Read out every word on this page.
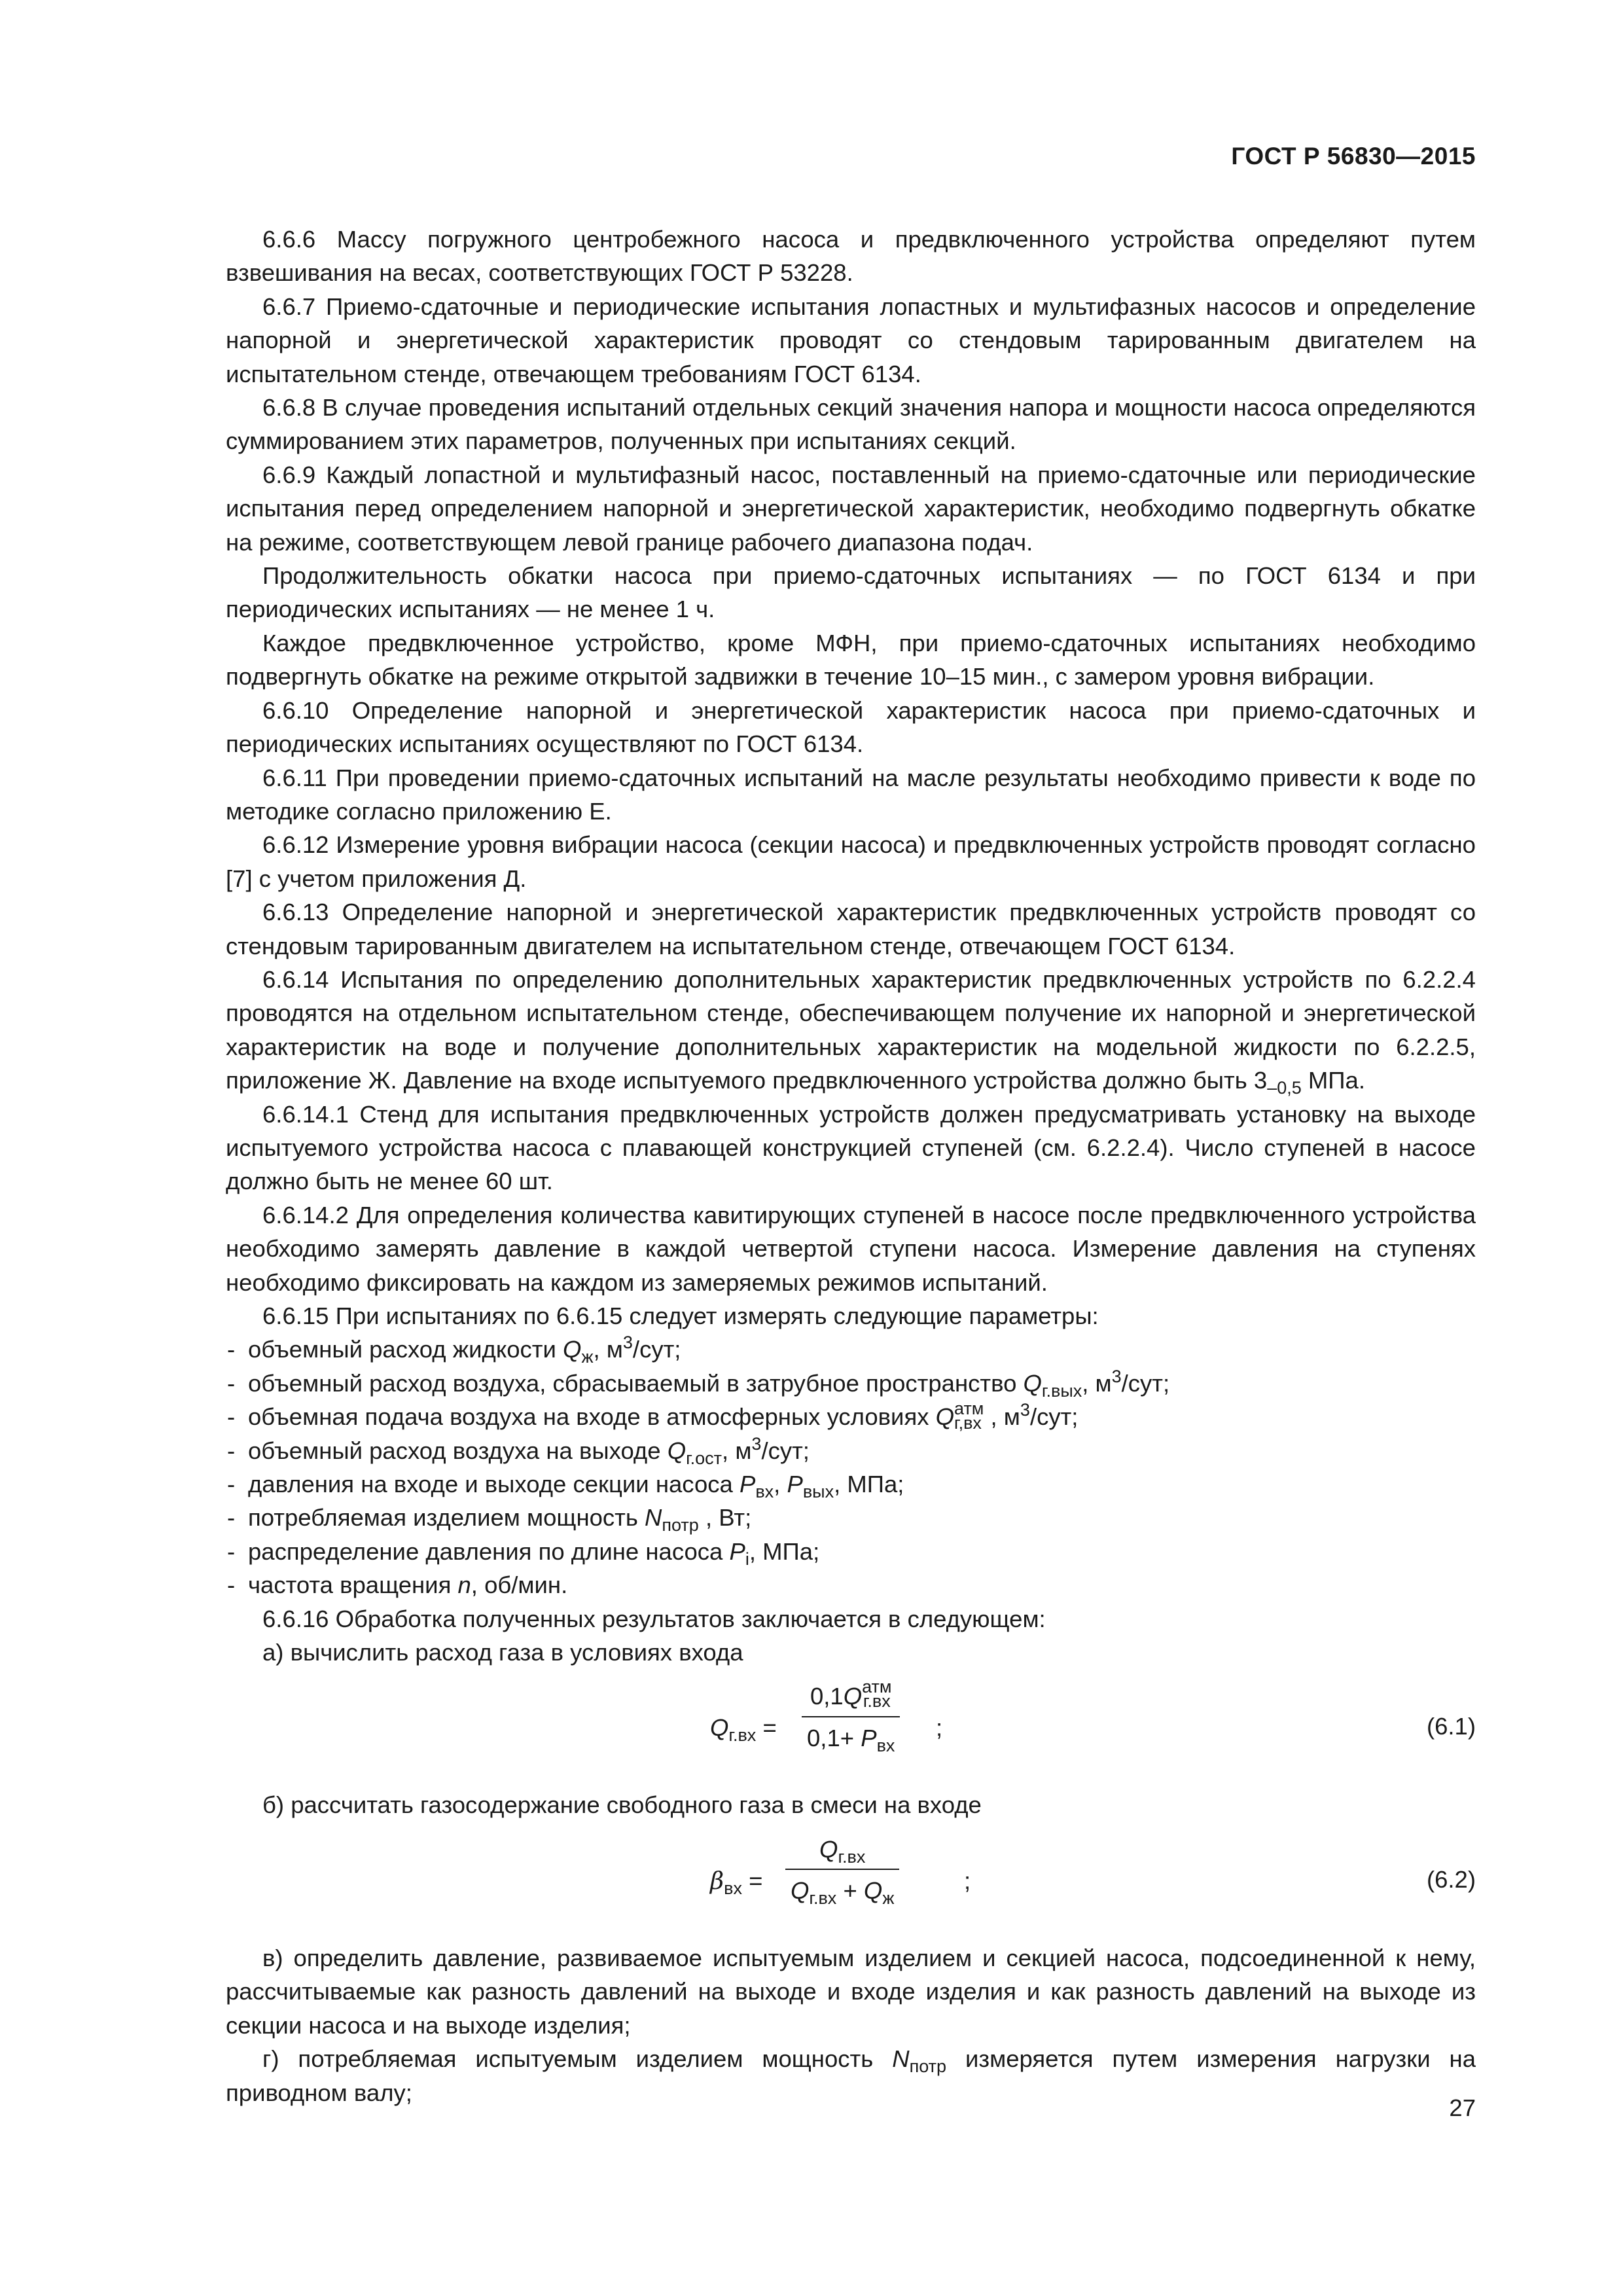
ГОСТ Р 56830—2015

6.6.6 Массу погружного центробежного насоса и предвключенного устройства определяют путем взвешивания на весах, соответствующих ГОСТ Р 53228.

6.6.7 Приемо-сдаточные и периодические испытания лопастных и мультифазных насосов и определение напорной и энергетической характеристик проводят со стендовым тарированным двигателем на испытательном стенде, отвечающем требованиям ГОСТ 6134.

6.6.8 В случае проведения испытаний отдельных секций значения напора и мощности насоса определяются суммированием этих параметров, полученных при испытаниях секций.

6.6.9 Каждый лопастной и мультифазный насос, поставленный на приемо-сдаточные или периодические испытания перед определением напорной и энергетической характеристик, необходимо подвергнуть обкатке на режиме, соответствующем левой границе рабочего диапазона подач.

Продолжительность обкатки насоса при приемо-сдаточных испытаниях — по ГОСТ 6134 и при периодических испытаниях — не менее 1 ч.

Каждое предвключенное устройство, кроме МФН, при приемо-сдаточных испытаниях необходимо подвергнуть обкатке на режиме открытой задвижки в течение 10–15 мин., с замером уровня вибрации.

6.6.10 Определение напорной и энергетической характеристик насоса при приемо-сдаточных и периодических испытаниях осуществляют по ГОСТ 6134.

6.6.11 При проведении приемо-сдаточных испытаний на масле результаты необходимо привести к воде по методике согласно приложению Е.

6.6.12 Измерение уровня вибрации насоса (секции насоса) и предвключенных устройств проводят согласно [7] с учетом приложения Д.

6.6.13 Определение напорной и энергетической характеристик предвключенных устройств проводят со стендовым тарированным двигателем на испытательном стенде, отвечающем ГОСТ 6134.

6.6.14 Испытания по определению дополнительных характеристик предвключенных устройств по 6.2.2.4 проводятся на отдельном испытательном стенде, обеспечивающем получение их напорной и энергетической характеристик на воде и получение дополнительных характеристик на модельной жидкости по 6.2.2.5, приложение Ж. Давление на входе испытуемого предвключенного устройства должно быть $3_{-0,5}$ МПа.

6.6.14.1 Стенд для испытания предвключенных устройств должен предусматривать установку на выходе испытуемого устройства насоса с плавающей конструкцией ступеней (см. 6.2.2.4). Число ступеней в насосе должно быть не менее 60 шт.

6.6.14.2 Для определения количества кавитирующих ступеней в насосе после предвключенного устройства необходимо замерять давление в каждой четвертой ступени насоса. Измерение давления на ступенях необходимо фиксировать на каждом из замеряемых режимов испытаний.

6.6.15 При испытаниях по 6.6.15 следует измерять следующие параметры:

- объемный расход жидкости $Q_ж$, $м^3$/сут;
- объемный расход воздуха, сбрасываемый в затрубное пространство $Q_{г.вых}$, $м^3$/сут;
- объемная подача воздуха на входе в атмосферных условиях Q атм
г,вх , $м^3$/сут;
- объемный расход воздуха на выходе $Q_{г.ост}$, $м^3$/сут;
- давления на входе и выходе секции насоса $P_{вх}$, $P_{вых}$, МПа;
- потребляемая изделием мощность $N_{потр}$ , Вт;
- распределение давления по длине насоса $P_i$, МПа;
- частота вращения n, об/мин.

6.6.16 Обработка полученных результатов заключается в следующем:

а) вычислить расход газа в условиях входа

$Q_{г.вх}$ =
0,1Q атм
г.вх
$0,1+ P_{вх}$
;	(6.1)

б) рассчитать газосодержание свободного газа в смеси на входе

$\beta_{вх}$ =
$Q_{г.вх}$
$Q_{г.вх} + Q_ж$
;	(6.2)

в) определить давление, развиваемое испытуемым изделием и секцией насоса, подсоединенной к нему, рассчитываемые как разность давлений на выходе и входе изделия и как разность давлений на выходе из секции насоса и на выходе изделия;

г) потребляемая испытуемым изделием мощность $N_{потр}$ измеряется путем измерения нагрузки на приводном валу;

27
